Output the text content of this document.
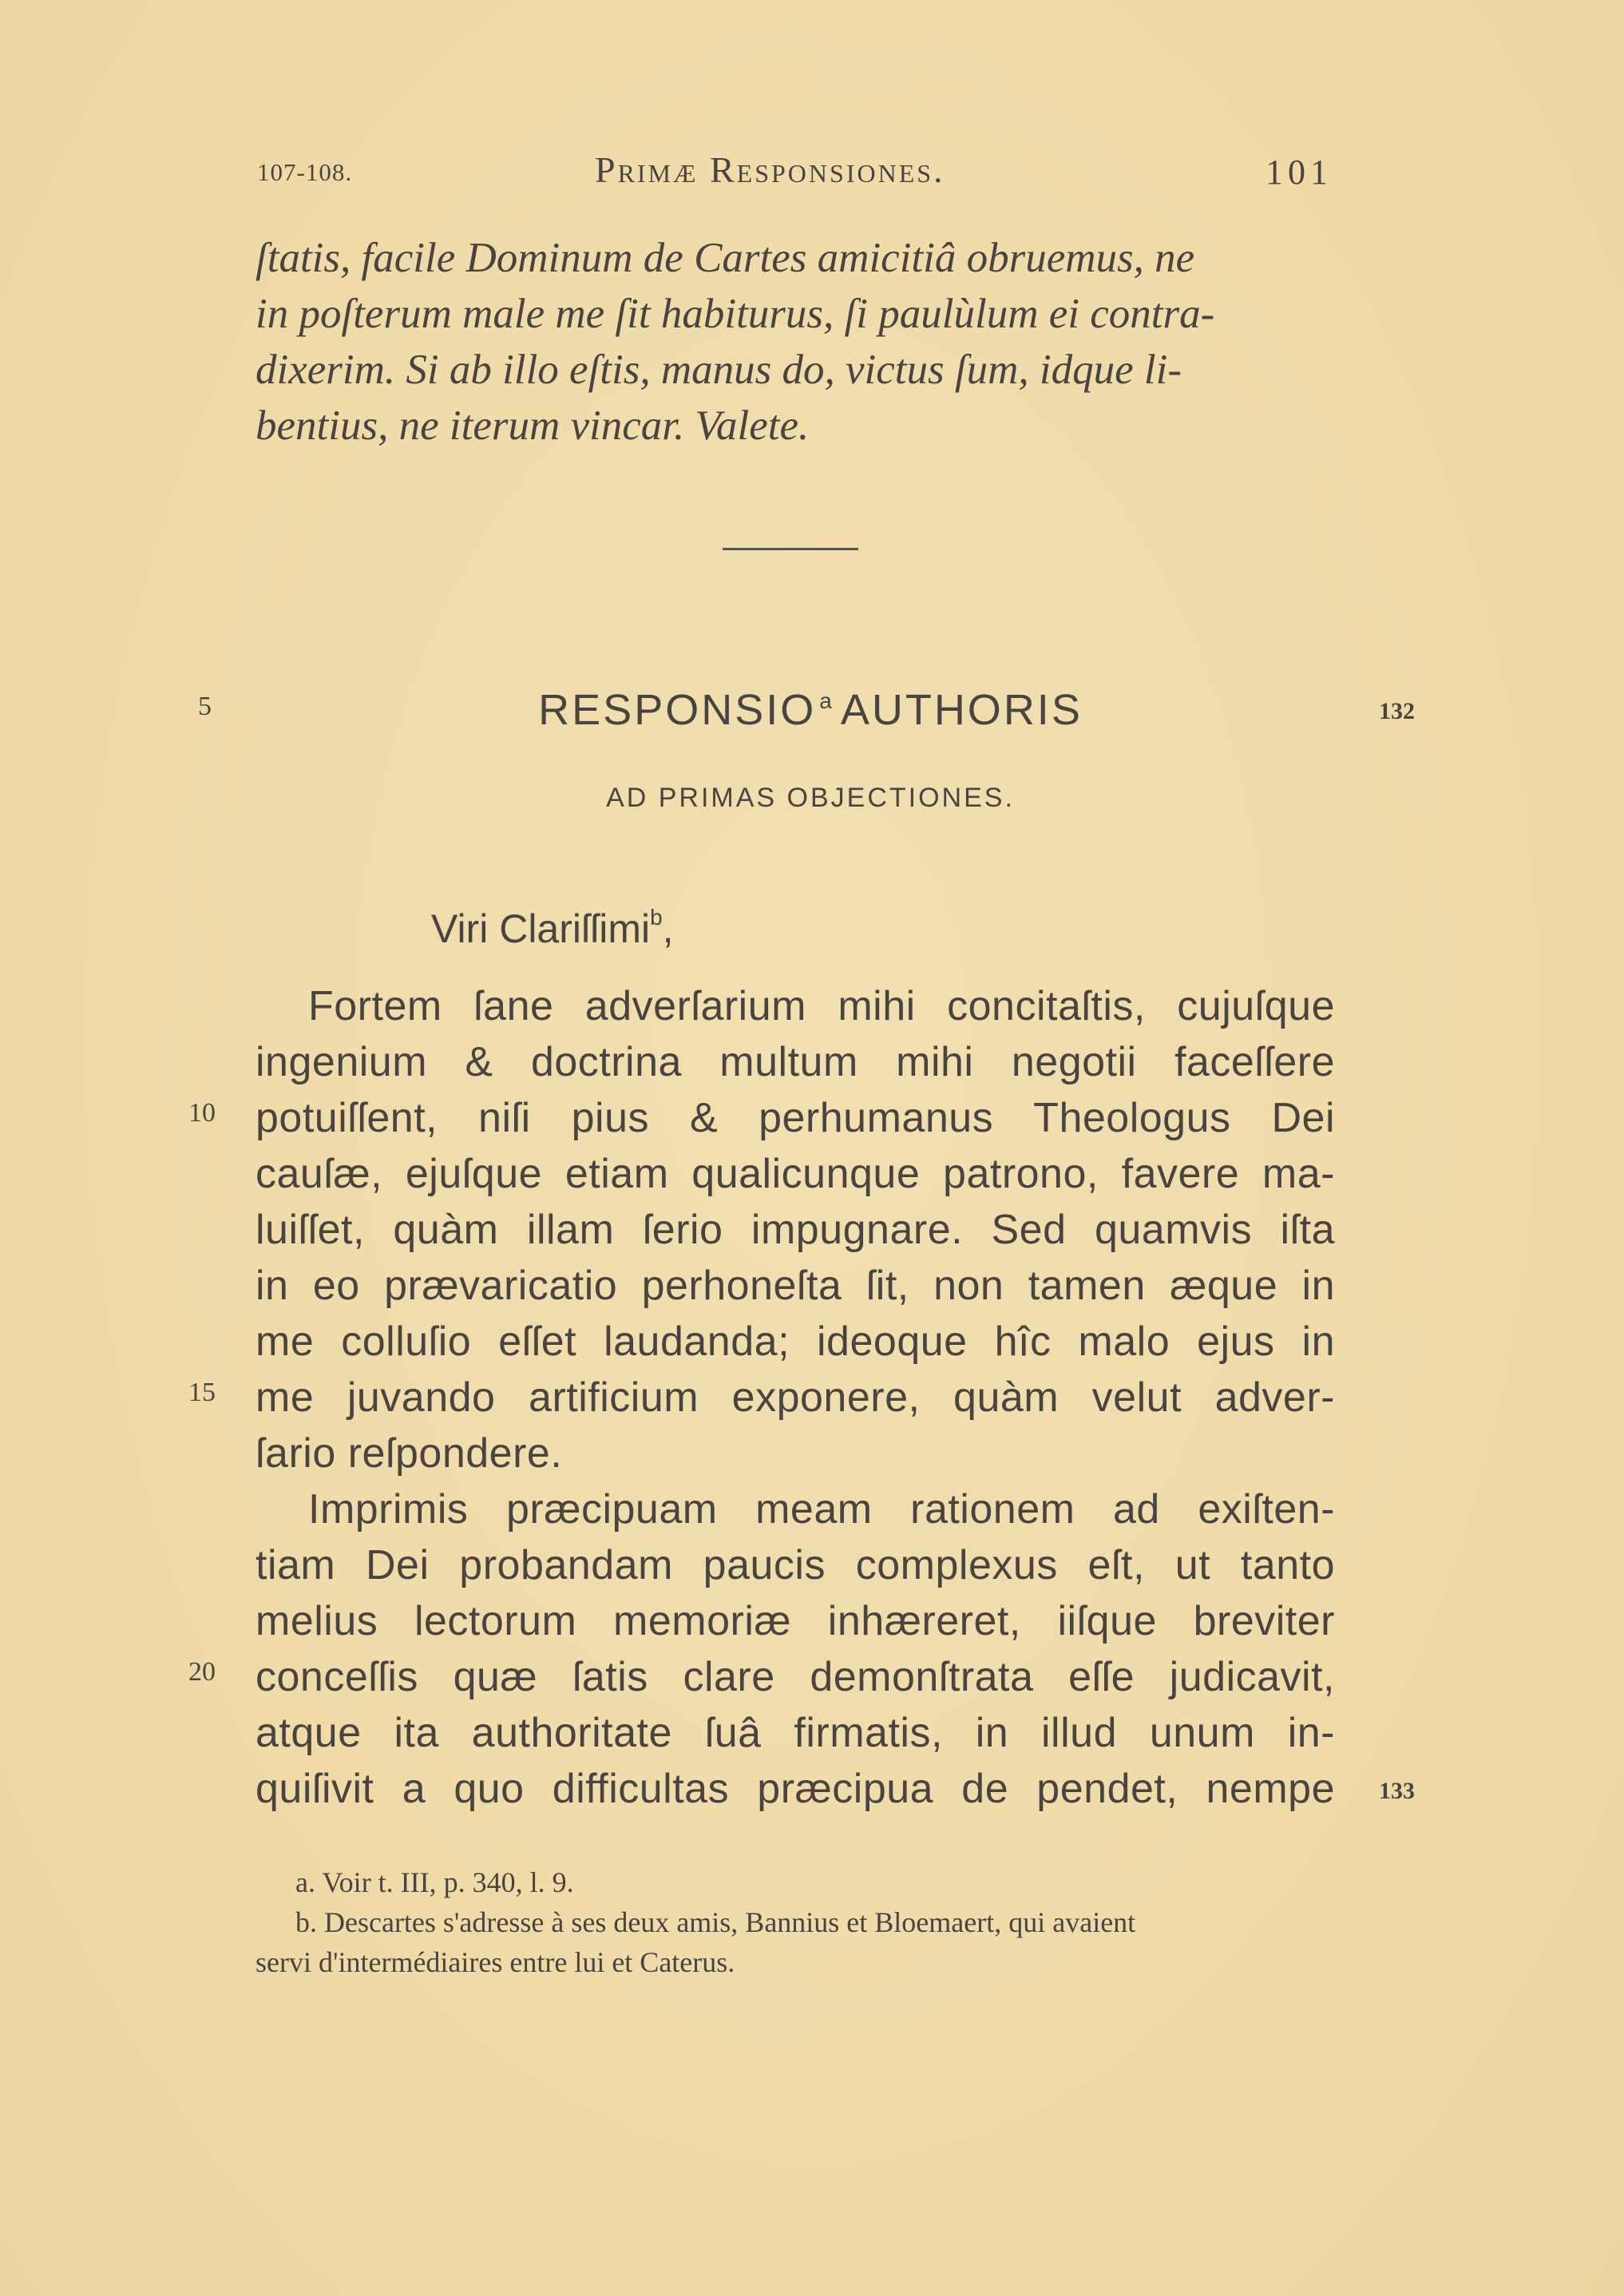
107-108.	Primæ Responsiones.	101
ſtatis, facile Dominum de Cartes amicitiâ obruemus, ne
in poſterum male me ſit habiturus, ſi paulùlum ei contra-
dixerim. Si ab illo eſtis, manus do, victus ſum, idque li-
bentius, ne iterum vincar. Valete.
5	RESPONSIO $^a$ AUTHORIS	132
AD PRIMAS OBJECTIONES.
Viri Clariſſimi$^b$,
Fortem ſane adverſarium mihi concitaſtis, cujuſque
ingenium & doctrina multum mihi negotii faceſſere
potuiſſent, niſi pius & perhumanus Theologus Dei
cauſæ, ejuſque etiam qualicunque patrono, favere ma-
luiſſet, quàm illam ſerio impugnare. Sed quamvis iſta
in eo prævaricatio perhoneſta ſit, non tamen æque in
me colluſio eſſet laudanda; ideoque hîc malo ejus in
me juvando artificium exponere, quàm velut adver-
ſario reſpondere.
Imprimis præcipuam meam rationem ad exiſten-
tiam Dei probandam paucis complexus eſt, ut tanto
melius lectorum memoriæ inhæreret, iiſque breviter
conceſſis quæ ſatis clare demonſtrata eſſe judicavit,
atque ita authoritate ſuâ firmatis, in illud unum in-
quiſivit a quo difficultas præcipua de pendet, nempe
10
15
20
133
a. Voir t. III, p. 340, l. 9.
b. Descartes s'adresse à ses deux amis, Bannius et Bloemaert, qui avaient
servi d'intermédiaires entre lui et Caterus.
